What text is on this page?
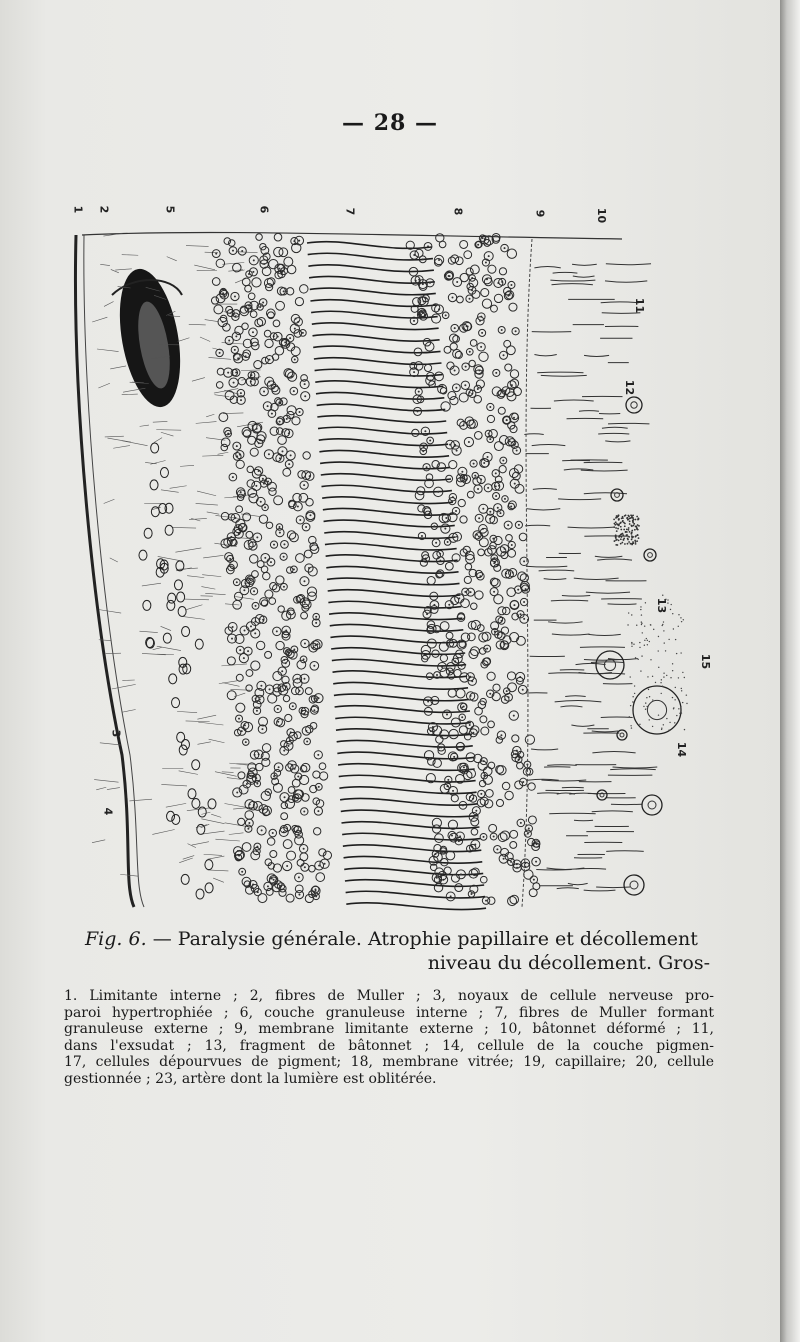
— 28 —
1 2	5	6	7	8	9	10
11
12
13
14
15
3
4
Fig. 6. — Paralysie générale. Atrophie papillaire et décollement
niveau du décollement. Gros-
1. Limitante interne ; 2, fibres de Muller ; 3, noyaux de cellule nerveuse pro-
paroi hypertrophiée ; 6, couche granuleuse interne ; 7, fibres de Muller formant
granuleuse externe ; 9, membrane limitante externe ; 10, bâtonnet déformé ; 11,
dans l'exsudat ; 13, fragment de bâtonnet ; 14, cellule de la couche pigmen-
17, cellules dépourvues de pigment; 18, membrane vitrée; 19, capillaire; 20, cellule
gestionnée ; 23, artère dont la lumière est oblitérée.
